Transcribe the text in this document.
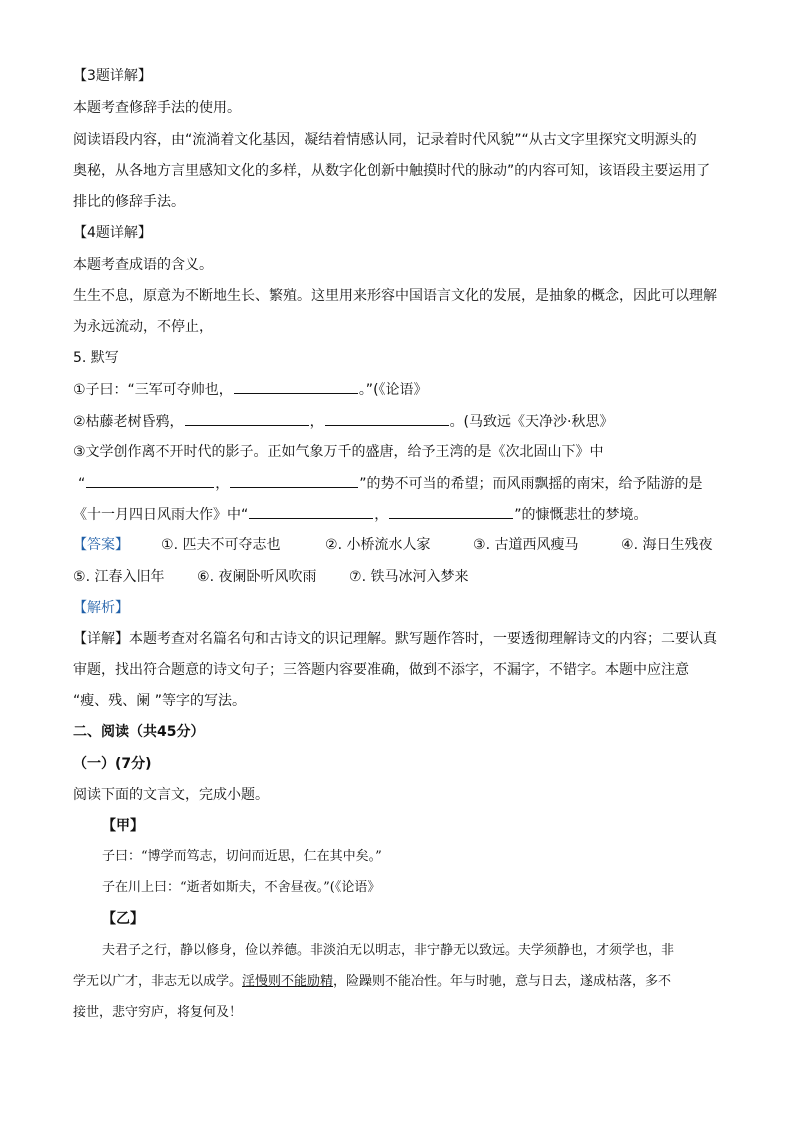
【3题详解】
本题考查修辞手法的使用。
阅读语段内容，由“流淌着文化基因，凝结着情感认同，记录着时代风貌”“从古文字里探究文明源头的
奥秘，从各地方言里感知文化的多样，从数字化创新中触摸时代的脉动”的内容可知，该语段主要运用了
排比的修辞手法。
【4题详解】
本题考查成语的含义。
生生不息，原意为不断地生长、繁殖。这里用来形容中国语言文化的发展，是抽象的概念，因此可以理解
为永远流动，不停止，
5. 默写
①子曰：“三军可夺帅也，	。”(《论语》
②枯藤老树昏鸦，	，	。(马致远《天净沙·秋思》
③文学创作离不开时代的影子。正如气象万千的盛唐，给予王湾的是《次北固山下》中
“	，	”的势不可当的希望；而风雨飘摇的南宋，给予陆游的是
《十一月四日风雨大作》中“	，	”的慷慨悲壮的梦境。
【答案】 ①. 匹夫不可夺志也	②. 小桥流水人家	③. 古道西风瘦马	④. 海日生残夜
⑤. 江春入旧年 ⑥. 夜阑卧听风吹雨 ⑦. 铁马冰河入梦来
【解析】
【详解】本题考查对名篇名句和古诗文的识记理解。默写题作答时，一要透彻理解诗文的内容；二要认真
审题，找出符合题意的诗文句子；三答题内容要准确，做到不添字，不漏字，不错字。本题中应注意
“瘦、残、阑 ”等字的写法。
二、阅读（共45分）
（一）(7分)
阅读下面的文言文，完成小题。
【甲】
子曰：“博学而笃志，切问而近思，仁在其中矣。”
子在川上曰：“逝者如斯夫，不舍昼夜。”(《论语》
【乙】
夫君子之行，静以修身，俭以养德。非淡泊无以明志，非宁静无以致远。夫学须静也，才须学也，非
学无以广才，非志无以成学。淫慢则不能励精，险躁则不能冶性。年与时驰，意与日去，遂成枯落，多不
接世，悲守穷庐，将复何及！
